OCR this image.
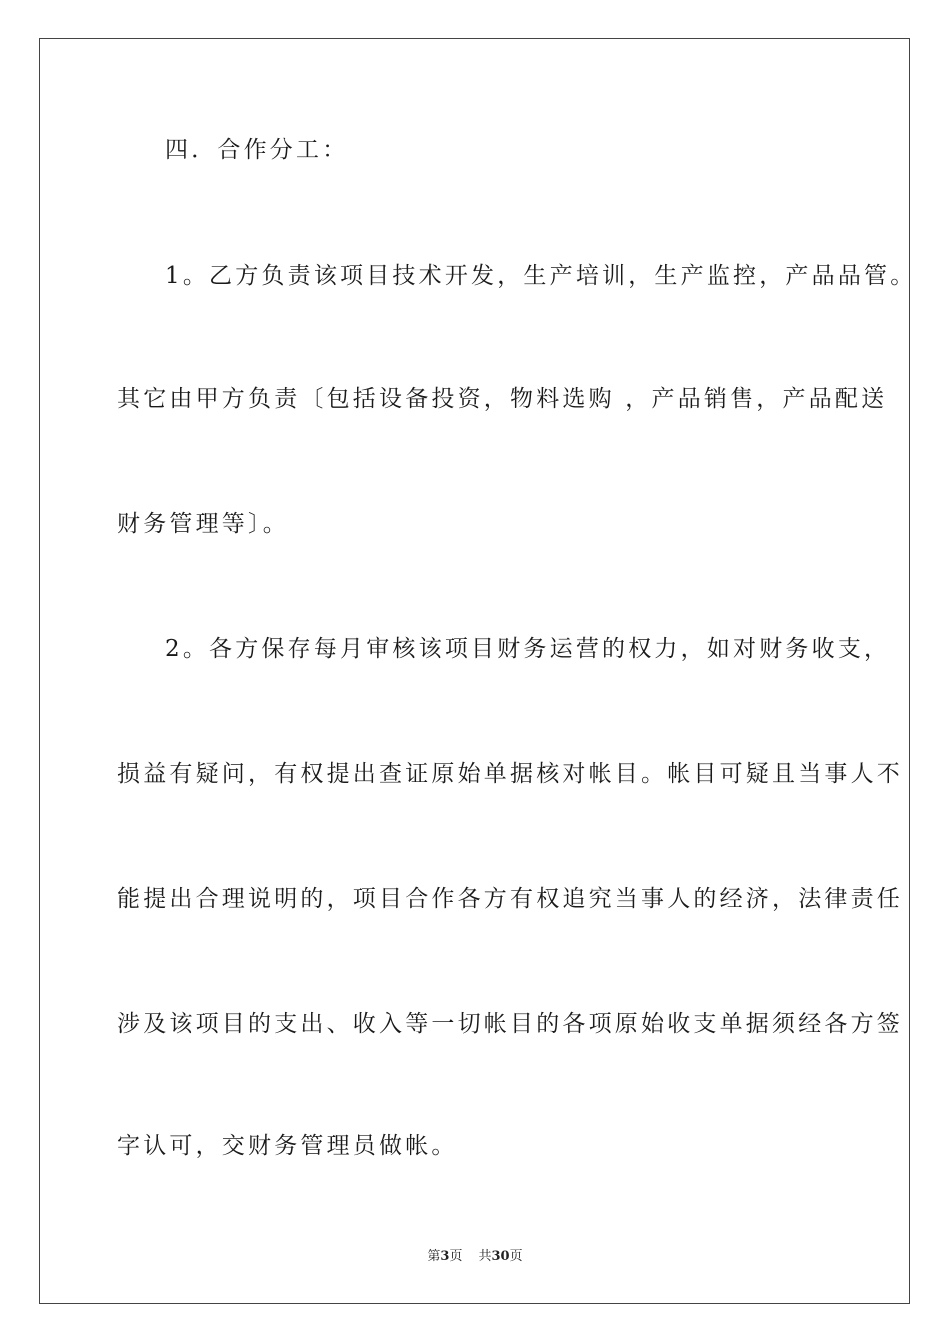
四．合作分工：
1。乙方负责该项目技术开发，生产培训，生产监控，产品品管。
其它由甲方负责〔包括设备投资，物料选购 ，产品销售，产品配送
财务管理等〕。
2。各方保存每月审核该项目财务运营的权力，如对财务收支，
损益有疑问，有权提出查证原始单据核对帐目。帐目可疑且当事人不
能提出合理说明的，项目合作各方有权追究当事人的经济，法律责任
涉及该项目的支出、收入等一切帐目的各项原始收支单据须经各方签
字认可，交财务管理员做帐。
第3页 共30页
